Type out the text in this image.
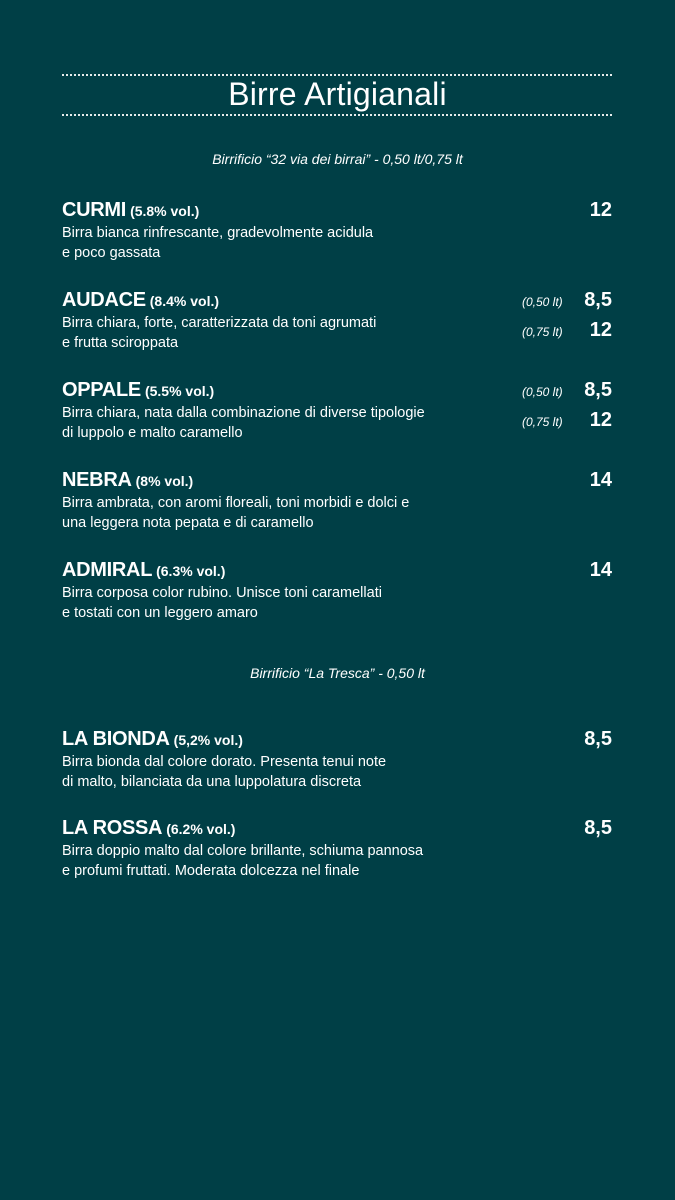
Birre Artigianali
Birrificio “32 via dei birrai” - 0,50 lt/0,75 lt
CURMI (5.8% vol.)
Birra bianca rinfrescante, gradevolmente acidula
e poco gassata
12
AUDACE (8.4% vol.)
Birra chiara, forte, caratterizzata da toni agrumati
e frutta sciroppata
(0,50 lt) 8,5
(0,75 lt) 12
OPPALE (5.5% vol.)
Birra chiara, nata dalla combinazione di diverse tipologie
di luppolo e malto caramello
(0,50 lt) 8,5
(0,75 lt) 12
NEBRA (8% vol.)
Birra ambrata, con aromi floreali, toni morbidi e dolci e
una leggera nota pepata e di caramello
14
ADMIRAL (6.3% vol.)
Birra corposa color rubino. Unisce toni caramellati
e tostati con un leggero amaro
14
Birrificio “La Tresca” - 0,50 lt
LA BIONDA (5,2% vol.)
Birra bionda dal colore dorato. Presenta tenui note
di malto, bilanciata da una luppolatura discreta
8,5
LA ROSSA (6.2% vol.)
Birra doppio malto dal colore brillante, schiuma pannosa
e profumi fruttati. Moderata dolcezza nel finale
8,5
